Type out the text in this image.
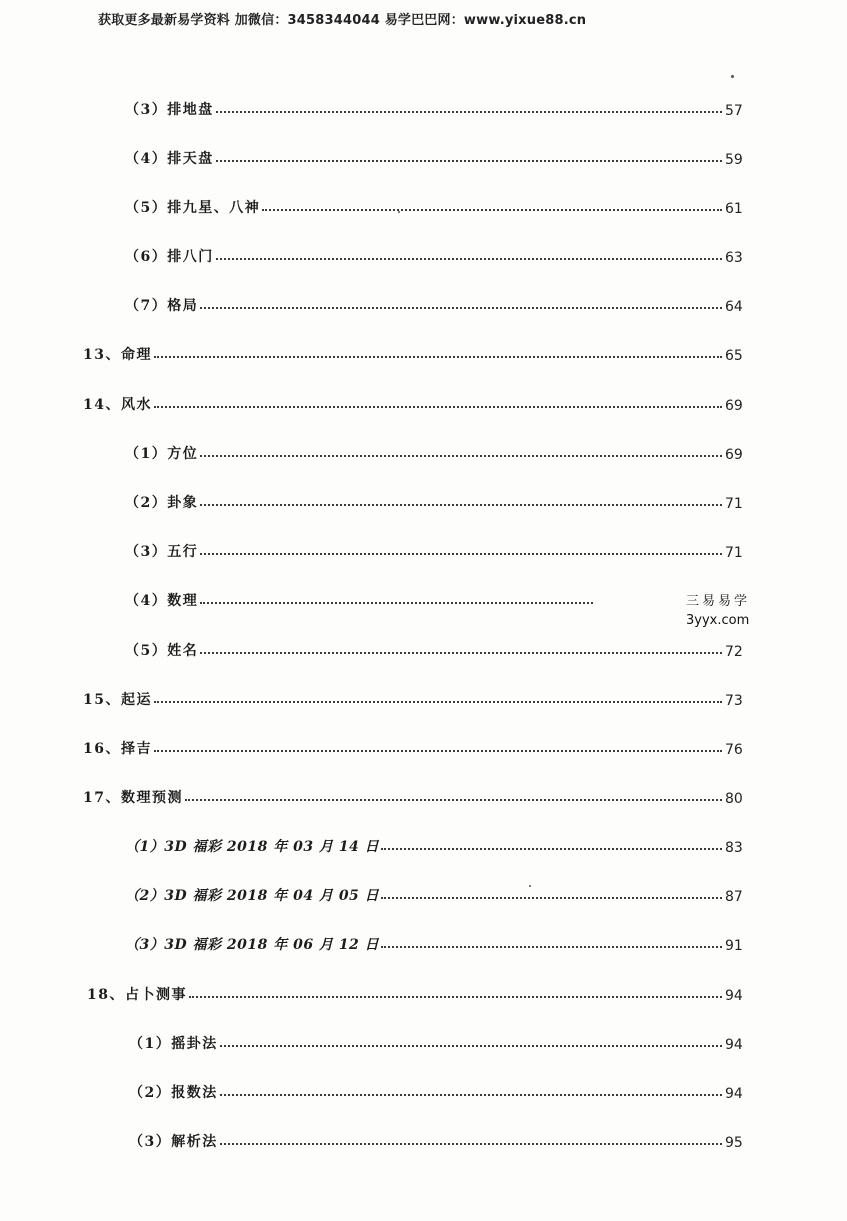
获取更多最新易学资料 加微信：3458344044 易学巴巴网：www.yixue88.cn
（3）排地盘	57
（4）排天盘	59
（5）排九星、八神	61
（6）排八门	63
（7）格局	64
13、命理	65
14、风水	69
（1）方位	69
（2）卦象	71
（3）五行	71
（4）数理
（5）姓名	72
15、起运	73
16、择吉	76
17、数理预测	80
（1）3D 福彩 2018 年 03 月 14 日	83
（2）3D 福彩 2018 年 04 月 05 日	87
（3）3D 福彩 2018 年 06 月 12 日	91
18、占卜测事	94
（1）摇卦法	94
（2）报数法	94
（3）解析法	95
三易易学
3yyx.com
